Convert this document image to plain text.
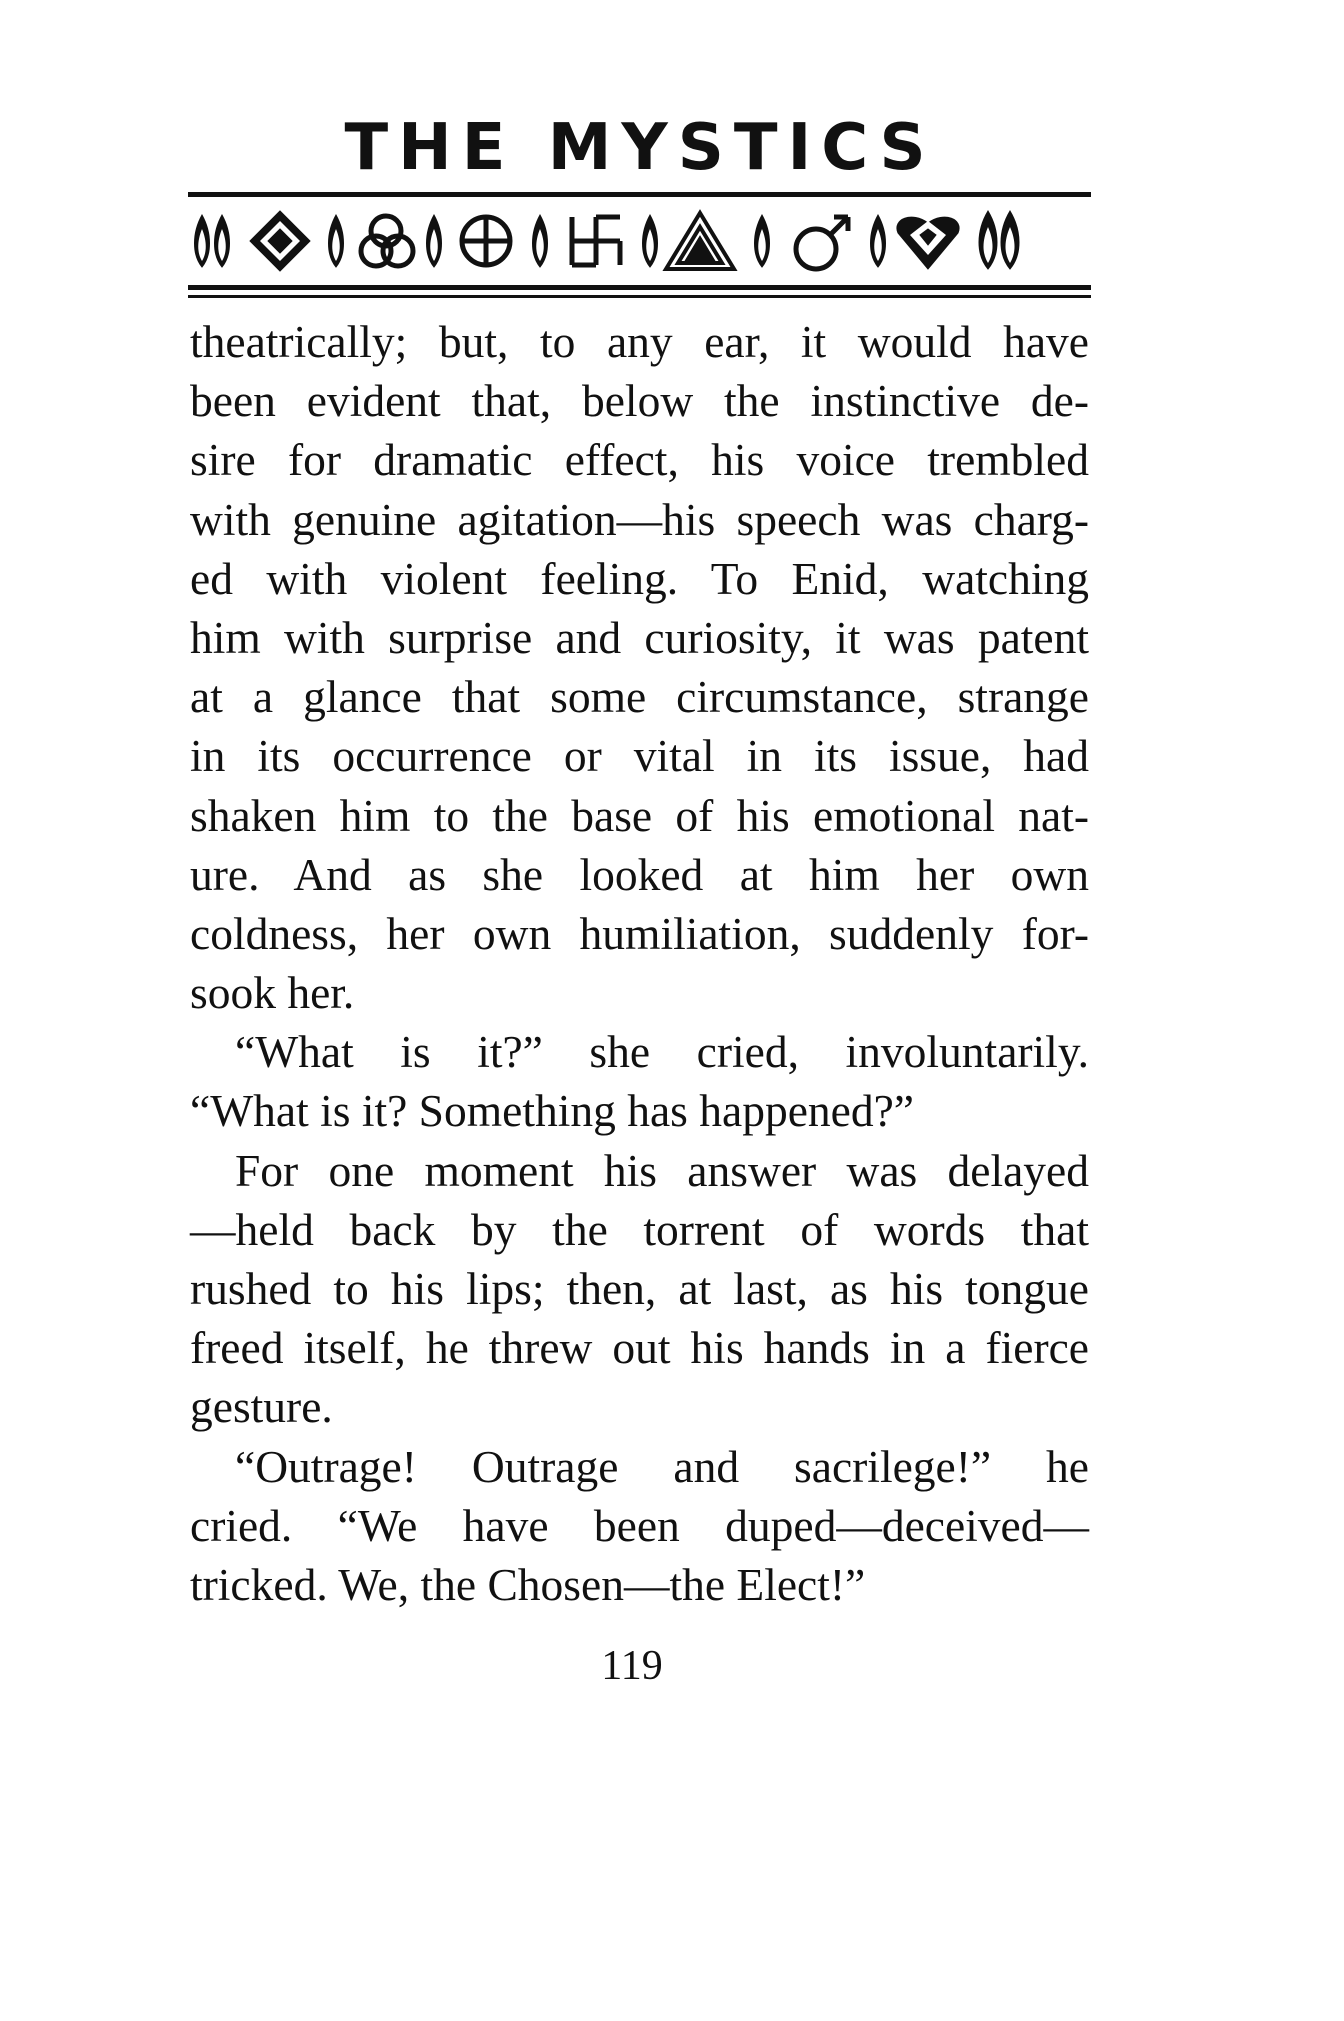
THE MYSTICS
theatrically; but, to any ear, it would have
been evident that, below the instinctive de-
sire for dramatic effect, his voice trembled
with genuine agitation—his speech was charg-
ed with violent feeling. To Enid, watching
him with surprise and curiosity, it was patent
at a glance that some circumstance, strange
in its occurrence or vital in its issue, had
shaken him to the base of his emotional nat-
ure. And as she looked at him her own
coldness, her own humiliation, suddenly for-
sook her.
“What is it?” she cried, involuntarily.
“What is it? Something has happened?”
For one moment his answer was delayed
—held back by the torrent of words that
rushed to his lips; then, at last, as his tongue
freed itself, he threw out his hands in a fierce
gesture.
“Outrage! Outrage and sacrilege!” he
cried. “We have been duped—deceived—
tricked. We, the Chosen—the Elect!”
119
